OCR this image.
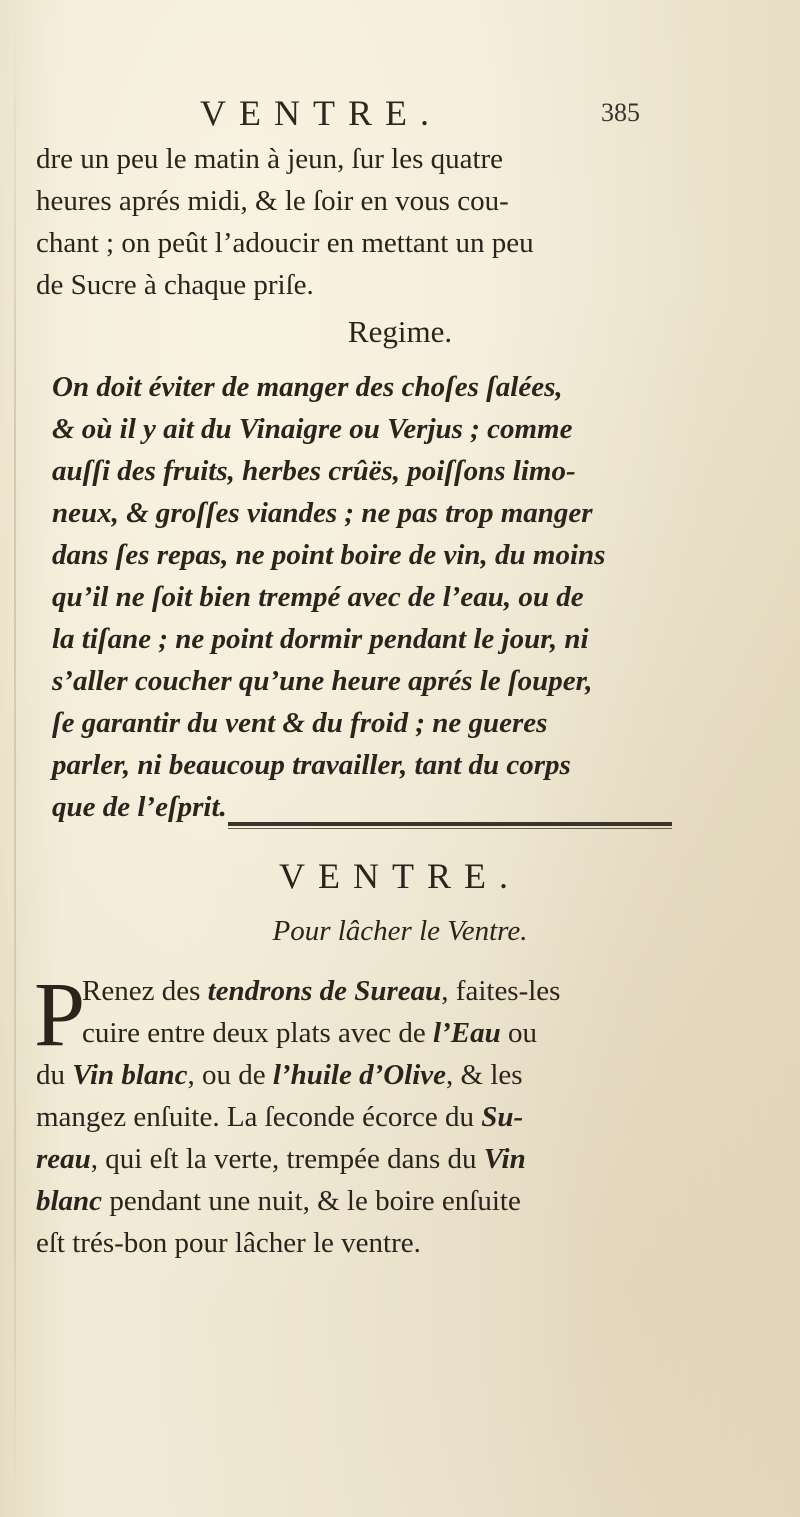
VENTRE.	385
dre un peu le matin à jeun, ſur les quatre
heures aprés midi, & le ſoir en vous cou-
chant ; on peût l’adoucir en mettant un peu
de Sucre à chaque priſe.
Regime.
On doit éviter de manger des choſes ſalées,
& où il y ait du Vinaigre ou Verjus ; comme
auſſi des fruits, herbes crûës, poiſſons limo-
neux, & groſſes viandes ; ne pas trop manger
dans ſes repas, ne point boire de vin, du moins
qu’il ne ſoit bien trempé avec de l’eau, ou de
la tiſane ; ne point dormir pendant le jour, ni
s’aller coucher qu’une heure aprés le ſouper,
ſe garantir du vent & du froid ; ne gueres
parler, ni beaucoup travailler, tant du corps
que de l’eſprit.
VENTRE.
Pour lâcher le Ventre.
P
Renez des tendrons de Sureau, faites-les
cuire entre deux plats avec de l’Eau ou
du Vin blanc, ou de l’huile d’Olive, & les
mangez enſuite. La ſeconde écorce du Su-
reau, qui eſt la verte, trempée dans du Vin
blanc pendant une nuit, & le boire enſuite
eſt trés-bon pour lâcher le ventre.
